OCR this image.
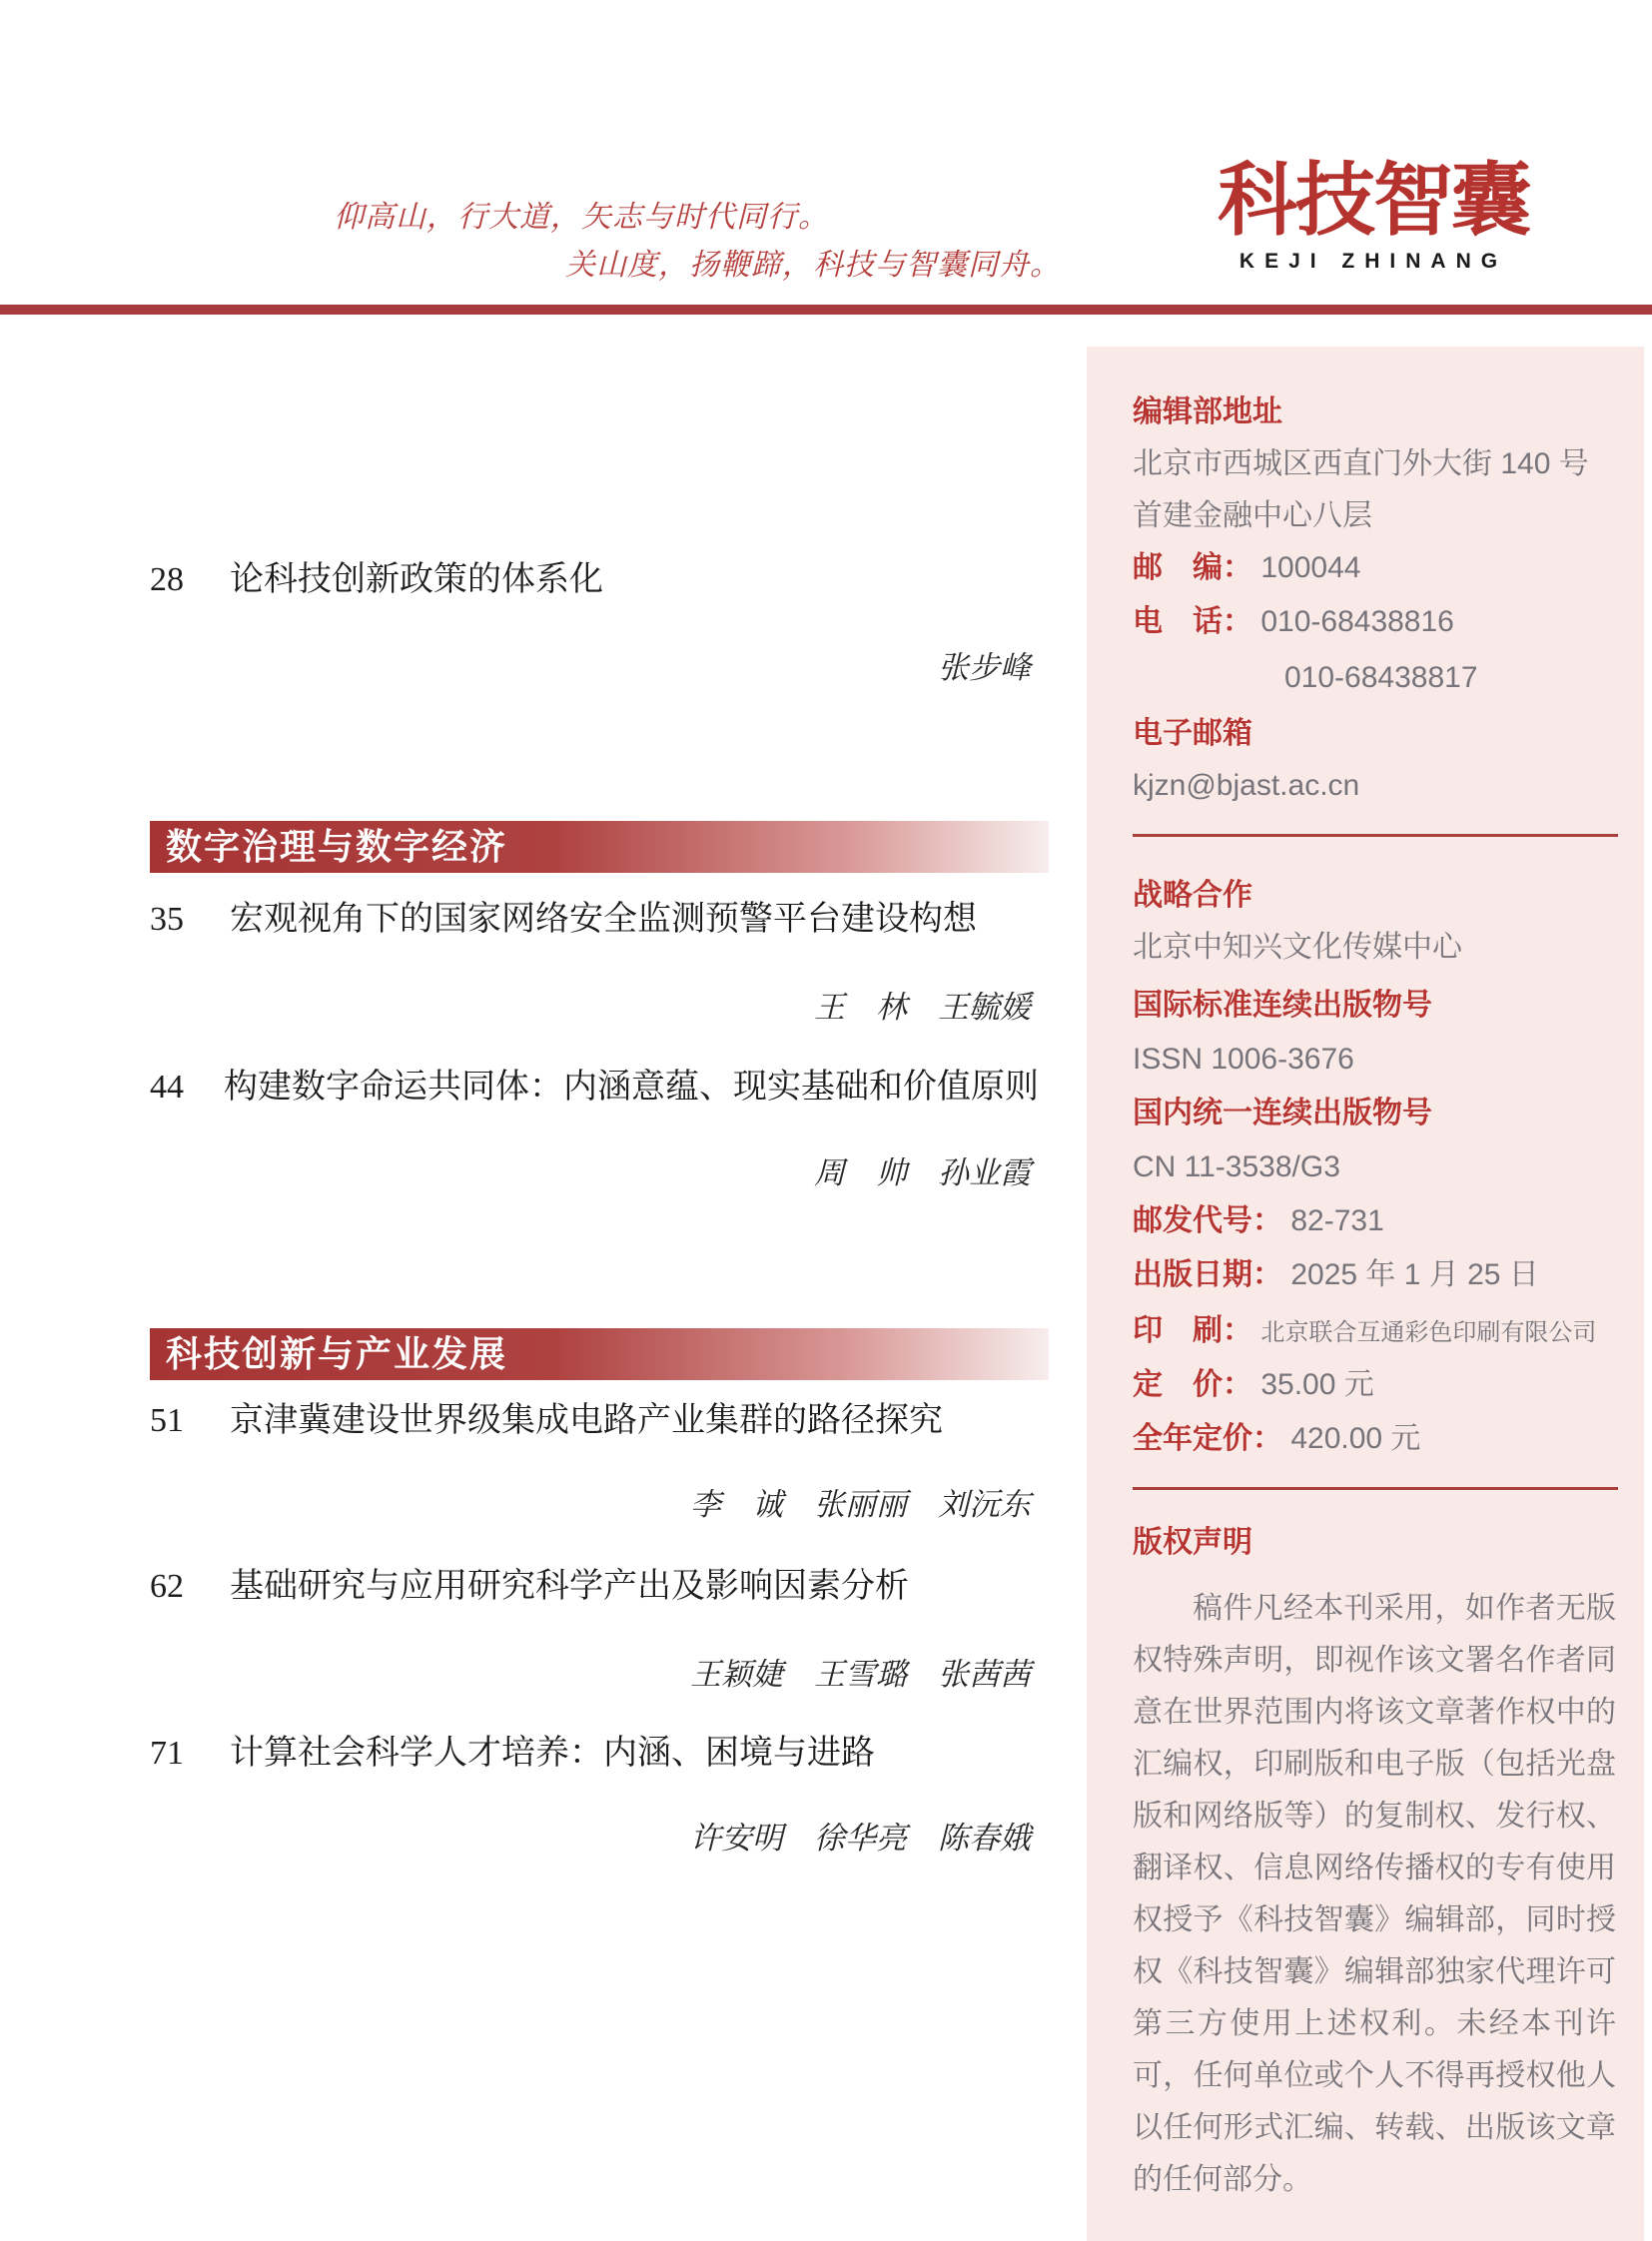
仰高山，行大道，矢志与时代同行。
关山度，扬鞭蹄，科技与智囊同舟。
科技智囊
KEJI ZHINANG
28	论科技创新政策的体系化
张步峰
数字治理与数字经济
35	宏观视角下的国家网络安全监测预警平台建设构想
王　林　王毓媛
44	构建数字命运共同体：内涵意蕴、现实基础和价值原则
周　帅　孙业霞
科技创新与产业发展
51	京津冀建设世界级集成电路产业集群的路径探究
李　诚　张丽丽　刘沅东
62	基础研究与应用研究科学产出及影响因素分析
王颖婕　王雪璐　张茜茜
71	计算社会科学人才培养：内涵、困境与进路
许安明　徐华亮　陈春娥
编辑部地址
北京市西城区西直门外大街 140 号
首建金融中心八层
邮　编： 100044
电　话： 010-68438816
010-68438817
电子邮箱
kjzn@bjast.ac.cn
战略合作
北京中知兴文化传媒中心
国际标准连续出版物号
ISSN 1006-3676
国内统一连续出版物号
CN 11-3538/G3
邮发代号： 82-731
出版日期： 2025 年 1 月 25 日
印　刷： 北京联合互通彩色印刷有限公司
定　价： 35.00 元
全年定价： 420.00 元
版权声明
稿件凡经本刊采用，如作者无版权特殊声明，即视作该文署名作者同意在世界范围内将该文章著作权中的汇编权，印刷版和电子版（包括光盘版和网络版等）的复制权、发行权、翻译权、信息网络传播权的专有使用权授予《科技智囊》编辑部，同时授权《科技智囊》编辑部独家代理许可第三方使用上述权利。未经本刊许可，任何单位或个人不得再授权他人以任何形式汇编、转载、出版该文章的任何部分。
